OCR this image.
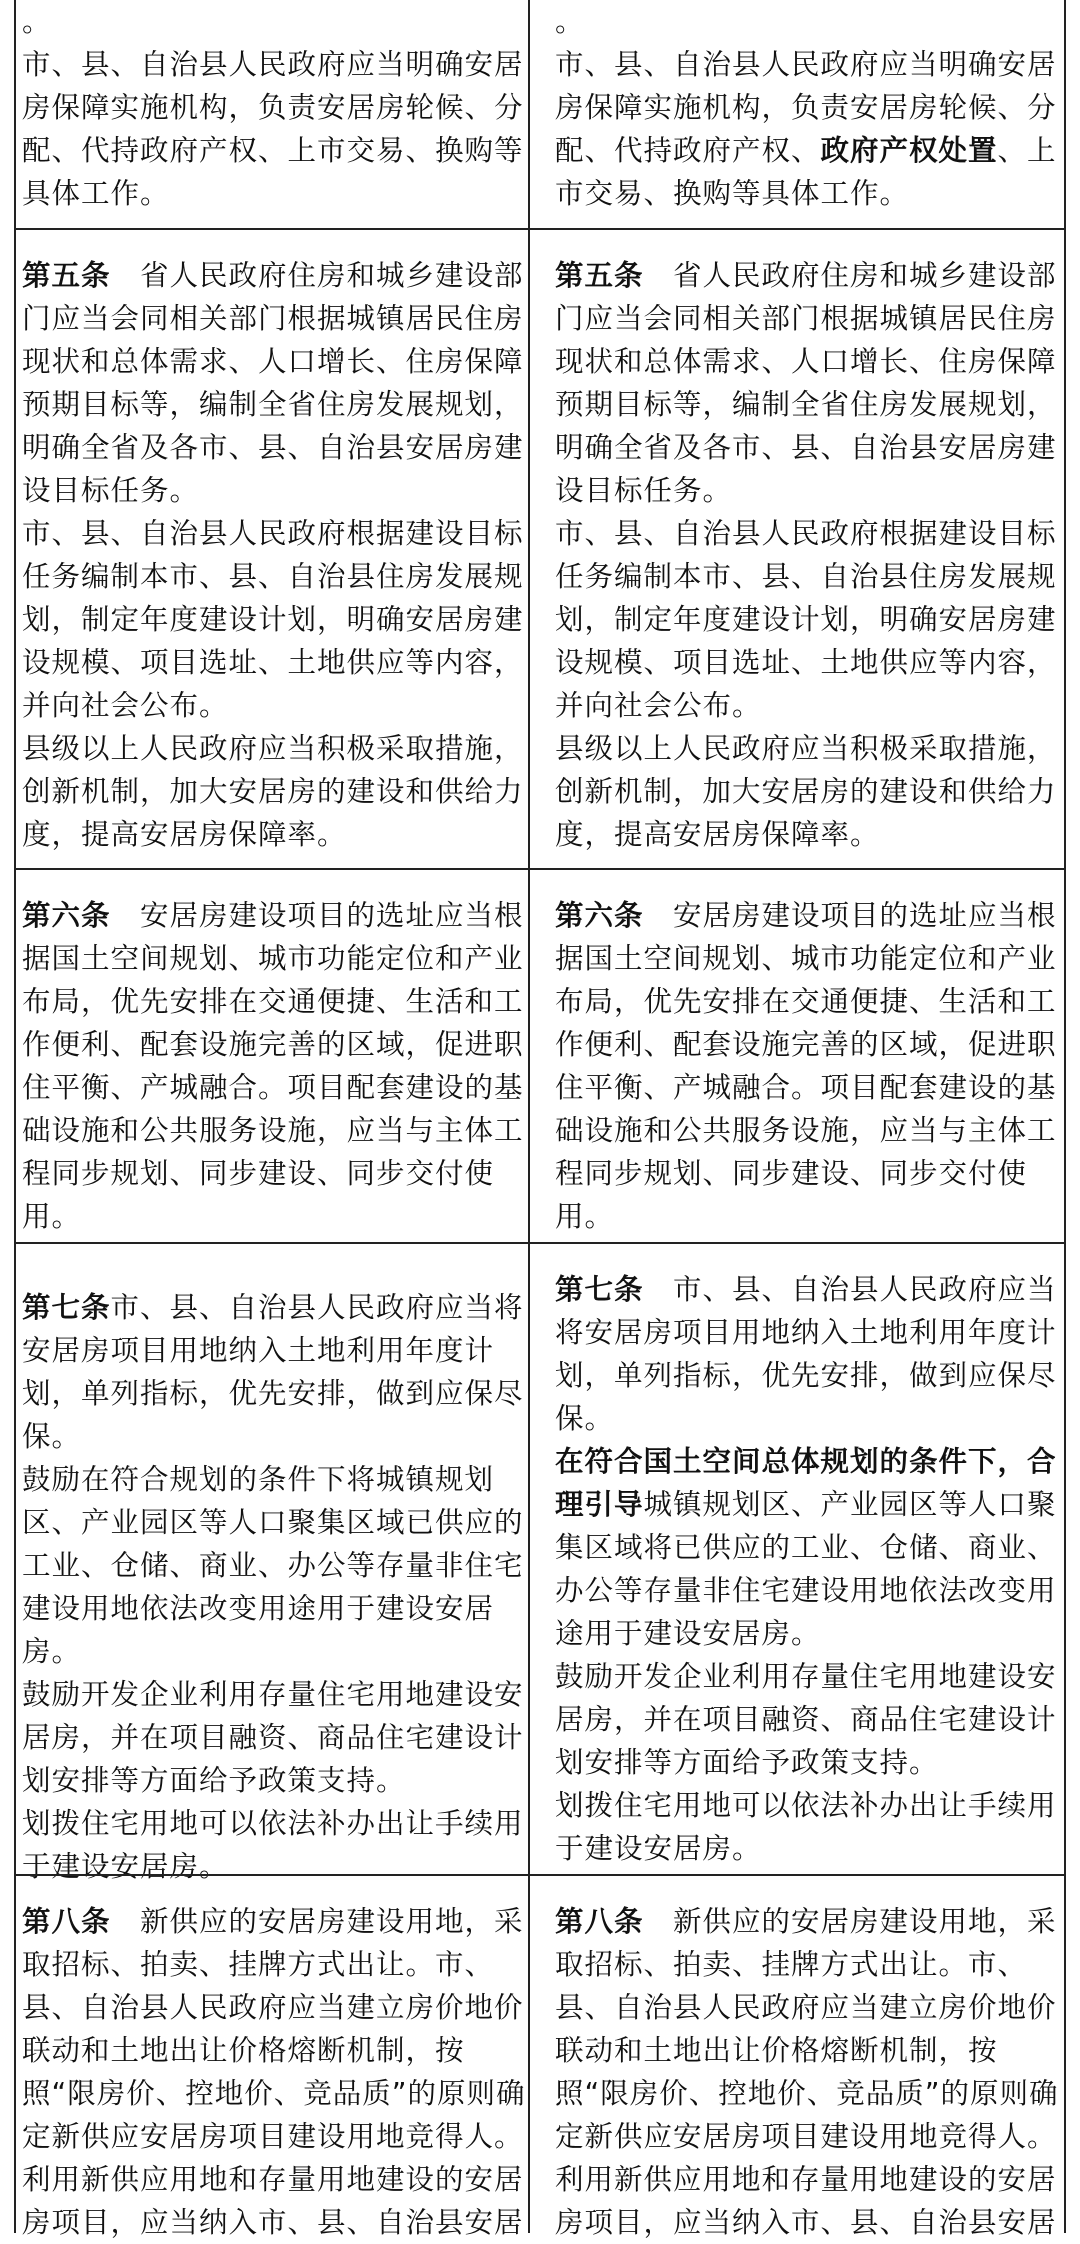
。
市、县、自治县人民政府应当明确安居房保障实施机构，负责安居房轮候、分配、代持政府产权、上市交易、换购等具体工作。
。
市、县、自治县人民政府应当明确安居房保障实施机构，负责安居房轮候、分配、代持政府产权、政府产权处置、上市交易、换购等具体工作。
第五条　省人民政府住房和城乡建设部门应当会同相关部门根据城镇居民住房现状和总体需求、人口增长、住房保障预期目标等，编制全省住房发展规划，明确全省及各市、县、自治县安居房建设目标任务。
市、县、自治县人民政府根据建设目标任务编制本市、县、自治县住房发展规划，制定年度建设计划，明确安居房建设规模、项目选址、土地供应等内容，并向社会公布。
县级以上人民政府应当积极采取措施，创新机制，加大安居房的建设和供给力度，提高安居房保障率。
第五条　省人民政府住房和城乡建设部门应当会同相关部门根据城镇居民住房现状和总体需求、人口增长、住房保障预期目标等，编制全省住房发展规划，明确全省及各市、县、自治县安居房建设目标任务。
市、县、自治县人民政府根据建设目标任务编制本市、县、自治县住房发展规划，制定年度建设计划，明确安居房建设规模、项目选址、土地供应等内容，并向社会公布。
县级以上人民政府应当积极采取措施，创新机制，加大安居房的建设和供给力度，提高安居房保障率。
第六条　安居房建设项目的选址应当根据国土空间规划、城市功能定位和产业布局，优先安排在交通便捷、生活和工作便利、配套设施完善的区域，促进职住平衡、产城融合。项目配套建设的基础设施和公共服务设施，应当与主体工程同步规划、同步建设、同步交付使用。
第六条　安居房建设项目的选址应当根据国土空间规划、城市功能定位和产业布局，优先安排在交通便捷、生活和工作便利、配套设施完善的区域，促进职住平衡、产城融合。项目配套建设的基础设施和公共服务设施，应当与主体工程同步规划、同步建设、同步交付使用。
第七条市、县、自治县人民政府应当将安居房项目用地纳入土地利用年度计划，单列指标，优先安排，做到应保尽保。
鼓励在符合规划的条件下将城镇规划区、产业园区等人口聚集区域已供应的工业、仓储、商业、办公等存量非住宅建设用地依法改变用途用于建设安居房。
鼓励开发企业利用存量住宅用地建设安居房，并在项目融资、商品住宅建设计划安排等方面给予政策支持。
划拨住宅用地可以依法补办出让手续用于建设安居房。
第七条　市、县、自治县人民政府应当将安居房项目用地纳入土地利用年度计划，单列指标，优先安排，做到应保尽保。
在符合国土空间总体规划的条件下，合理引导城镇规划区、产业园区等人口聚集区域将已供应的工业、仓储、商业、办公等存量非住宅建设用地依法改变用途用于建设安居房。
鼓励开发企业利用存量住宅用地建设安居房，并在项目融资、商品住宅建设计划安排等方面给予政策支持。
划拨住宅用地可以依法补办出让手续用于建设安居房。
第八条　新供应的安居房建设用地，采取招标、拍卖、挂牌方式出让。市、县、自治县人民政府应当建立房价地价联动和土地出让价格熔断机制，按照“限房价、控地价、竞品质”的原则确定新供应安居房项目建设用地竞得人。
利用新供应用地和存量用地建设的安居房项目，应当纳入市、县、自治县安居
第八条　新供应的安居房建设用地，采取招标、拍卖、挂牌方式出让。市、县、自治县人民政府应当建立房价地价联动和土地出让价格熔断机制，按照“限房价、控地价、竞品质”的原则确定新供应安居房项目建设用地竞得人。
利用新供应用地和存量用地建设的安居房项目，应当纳入市、县、自治县安居
